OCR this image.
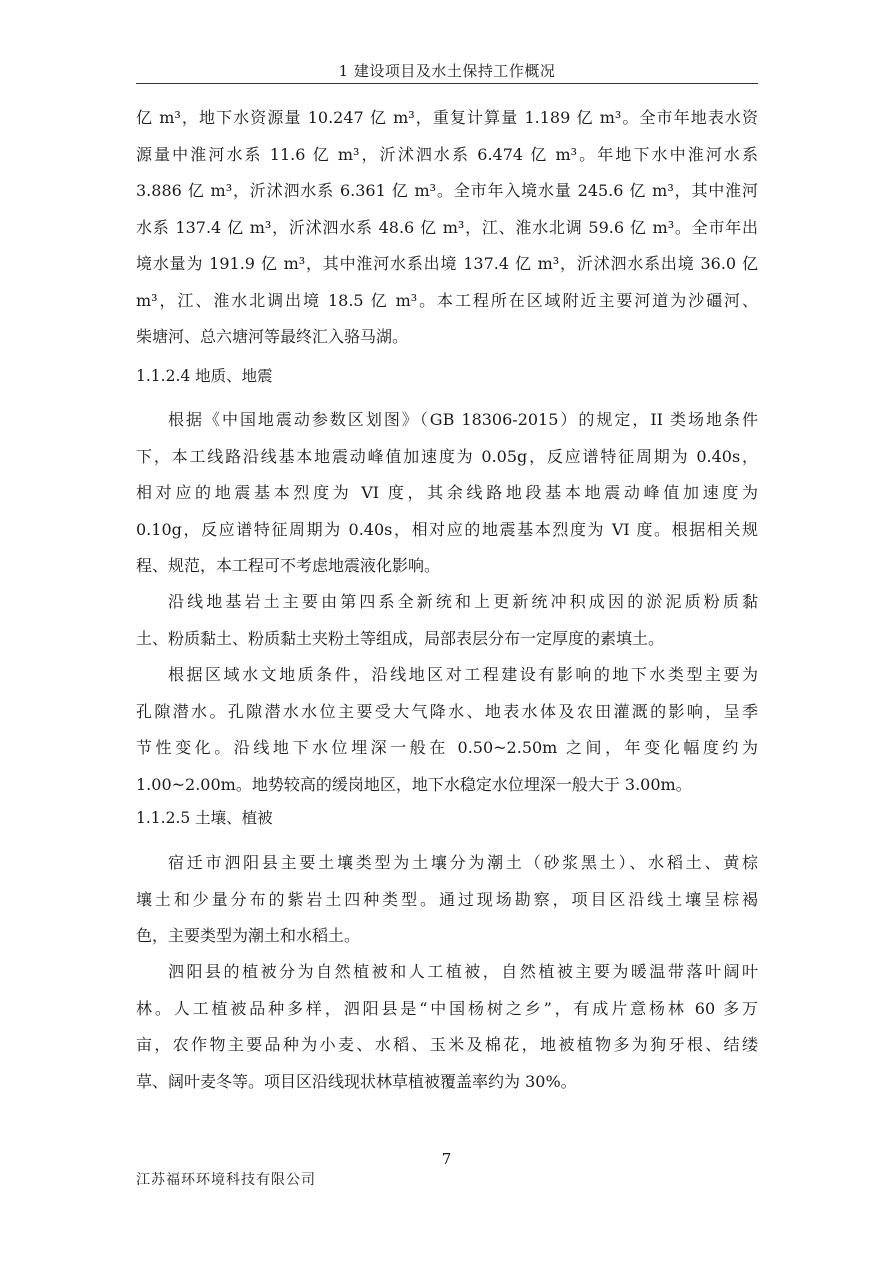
1 建设项目及水土保持工作概况
亿 m³，地下水资源量 10.247 亿 m³，重复计算量 1.189 亿 m³。全市年地表水资
源量中淮河水系 11.6 亿 m³，沂沭泗水系 6.474 亿 m³。年地下水中淮河水系
3.886 亿 m³，沂沭泗水系 6.361 亿 m³。全市年入境水量 245.6 亿 m³，其中淮河
水系 137.4 亿 m³，沂沭泗水系 48.6 亿 m³，江、淮水北调 59.6 亿 m³。全市年出
境水量为 191.9 亿 m³，其中淮河水系出境 137.4 亿 m³，沂沭泗水系出境 36.0 亿
m³，江、淮水北调出境 18.5 亿 m³。本工程所在区域附近主要河道为沙礓河、
柴塘河、总六塘河等最终汇入骆马湖。
1.1.2.4 地质、地震
根据《中国地震动参数区划图》（GB 18306-2015）的规定，II 类场地条件
下，本工线路沿线基本地震动峰值加速度为 0.05g，反应谱特征周期为 0.40s，
相对应的地震基本烈度为 VI 度，其余线路地段基本地震动峰值加速度为
0.10g，反应谱特征周期为 0.40s，相对应的地震基本烈度为 VI 度。根据相关规
程、规范，本工程可不考虑地震液化影响。
沿线地基岩土主要由第四系全新统和上更新统冲积成因的淤泥质粉质黏
土、粉质黏土、粉质黏土夹粉土等组成，局部表层分布一定厚度的素填土。
根据区域水文地质条件，沿线地区对工程建设有影响的地下水类型主要为
孔隙潜水。孔隙潜水水位主要受大气降水、地表水体及农田灌溉的影响，呈季
节性变化。沿线地下水位埋深一般在 0.50~2.50m 之间，年变化幅度约为
1.00~2.00m。地势较高的缓岗地区，地下水稳定水位埋深一般大于 3.00m。
1.1.2.5 土壤、植被
宿迁市泗阳县主要土壤类型为土壤分为潮土（砂浆黑土）、水稻土、黄棕
壤土和少量分布的紫岩土四种类型。通过现场勘察，项目区沿线土壤呈棕褐
色，主要类型为潮土和水稻土。
泗阳县的植被分为自然植被和人工植被，自然植被主要为暖温带落叶阔叶
林。人工植被品种多样，泗阳县是“中国杨树之乡”，有成片意杨林 60 多万
亩，农作物主要品种为小麦、水稻、玉米及棉花，地被植物多为狗牙根、结缕
草、阔叶麦冬等。项目区沿线现状林草植被覆盖率约为 30%。
7
江苏福环环境科技有限公司
